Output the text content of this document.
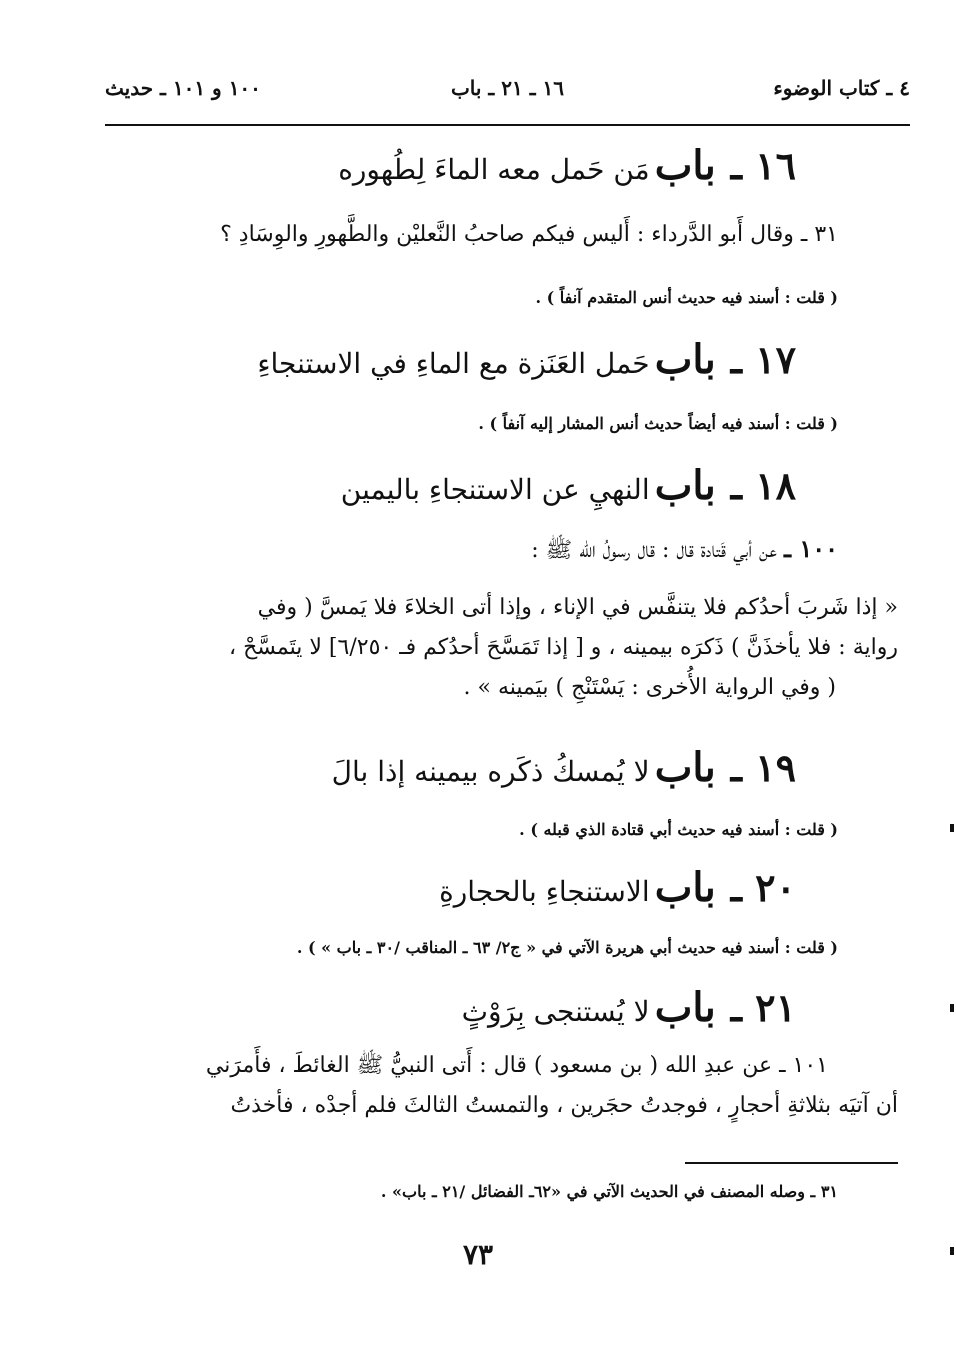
٤ ـ كتاب الوضوء
١٦ ـ ٢١ ـ باب
١٠٠ و ١٠١ ـ حديث
١٦ ـ باب مَن حَمل معه الماءَ لِطُهوره
٣١ ـ وقال أَبو الدَّرداء : أَليس فيكم صاحبُ النَّعليْن والطَّهورِ والوِسَادِ ؟
( قلت : أسند فيه حديث أنس المتقدم آنفاً ) .
١٧ ـ باب حَمل العَنَزة مع الماءِ في الاستنجاءِ
( قلت : أسند فيه أيضاً حديث أنس المشار إليه آنفاً ) .
١٨ ـ باب النهيِ عن الاستنجاءِ باليمين
١٠٠ ـ عن أبي قَتادة قال : قال رسولُ الله ﷺ :

« إذا شَربَ أحدُكم فلا يتنفَّس في الإناء ، وإذا أتى الخلاءَ فلا يَمسَّ ( وفي

رواية : فلا يأخذَنَّ ) ذَكرَه بيمينه ، و [ إذا تَمَسَّحَ أحدُكم فـ ٦/٢٥٠] لا يتَمسَّحْ ،

( وفي الرواية الأُخرى : يَسْتَنْجِ ) بيَمينه » .

١٩ ـ باب لا يُمسكُ ذكَره بيمينه إذا بالَ
( قلت : أسند فيه حديث أبي قتادة الذي قبله ) .
٢٠ ـ باب الاستنجاءِ بالحجارةِ
( قلت : أسند فيه حديث أبي هريرة الآتي في « ج٢/ ٦٣ ـ المناقب /٣٠ ـ باب » ) .
٢١ ـ باب لا يُستنجى بِرَوْثٍ

١٠١ ـ عن عبدِ الله ( بن مسعود ) قال : أَتى النبيُّ ﷺ الغائطَ ، فأَمرَني

أن آتيَه بثلاثةِ أحجارٍ ، فوجدتُ حجَرين ، والتمستُ الثالثَ فلم أجدْه ، فأخذتُ

٣١ ـ وصله المصنف في الحديث الآتي في «٦٢ـ الفضائل /٢١ ـ باب» .
٧٣
